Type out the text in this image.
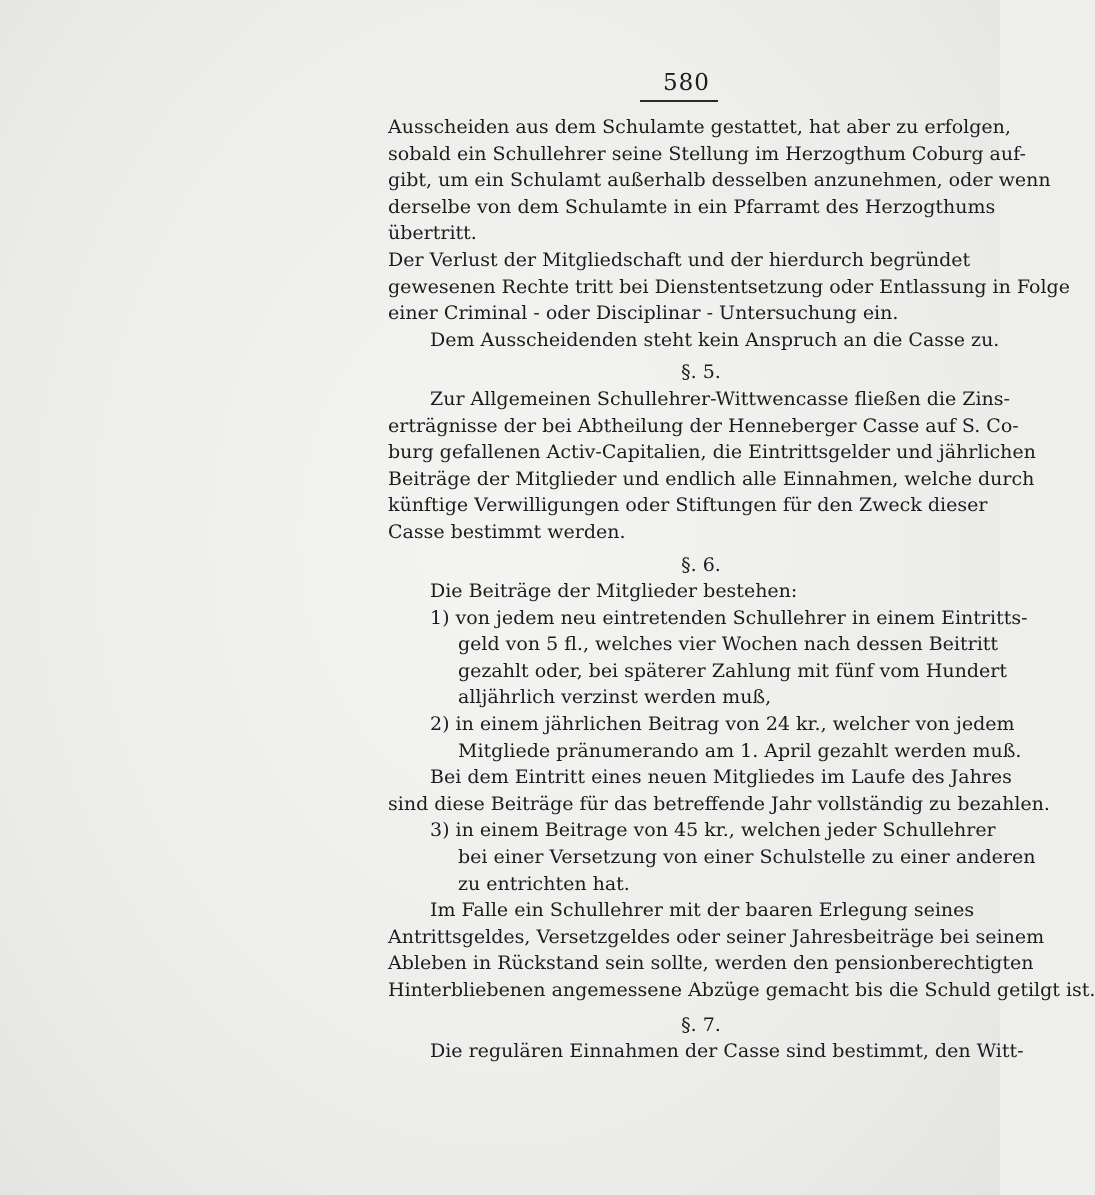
580
Ausscheiden aus dem Schulamte gestattet, hat aber zu erfolgen,
sobald ein Schullehrer seine Stellung im Herzogthum Coburg auf-
gibt, um ein Schulamt außerhalb desselben anzunehmen, oder wenn
derselbe von dem Schulamte in ein Pfarramt des Herzogthums
übertritt.
Der Verlust der Mitgliedschaft und der hierdurch begründet
gewesenen Rechte tritt bei Dienstentsetzung oder Entlassung in Folge
einer Criminal - oder Disciplinar - Untersuchung ein.
Dem Ausscheidenden steht kein Anspruch an die Casse zu.
§. 5.
Zur Allgemeinen Schullehrer-Wittwencasse fließen die Zins-
erträgnisse der bei Abtheilung der Henneberger Casse auf S. Co-
burg gefallenen Activ-Capitalien, die Eintrittsgelder und jährlichen
Beiträge der Mitglieder und endlich alle Einnahmen, welche durch
künftige Verwilligungen oder Stiftungen für den Zweck dieser
Casse bestimmt werden.
§. 6.
Die Beiträge der Mitglieder bestehen:
1) von jedem neu eintretenden Schullehrer in einem Eintritts-
geld von 5 fl., welches vier Wochen nach dessen Beitritt
gezahlt oder, bei späterer Zahlung mit fünf vom Hundert
alljährlich verzinst werden muß,
2) in einem jährlichen Beitrag von 24 kr., welcher von jedem
Mitgliede pränumerando am 1. April gezahlt werden muß.
Bei dem Eintritt eines neuen Mitgliedes im Laufe des Jahres
sind diese Beiträge für das betreffende Jahr vollständig zu bezahlen.
3) in einem Beitrage von 45 kr., welchen jeder Schullehrer
bei einer Versetzung von einer Schulstelle zu einer anderen
zu entrichten hat.
Im Falle ein Schullehrer mit der baaren Erlegung seines
Antrittsgeldes, Versetzgeldes oder seiner Jahresbeiträge bei seinem
Ableben in Rückstand sein sollte, werden den pensionberechtigten
Hinterbliebenen angemessene Abzüge gemacht bis die Schuld getilgt ist.
§. 7.
Die regulären Einnahmen der Casse sind bestimmt, den Witt-
